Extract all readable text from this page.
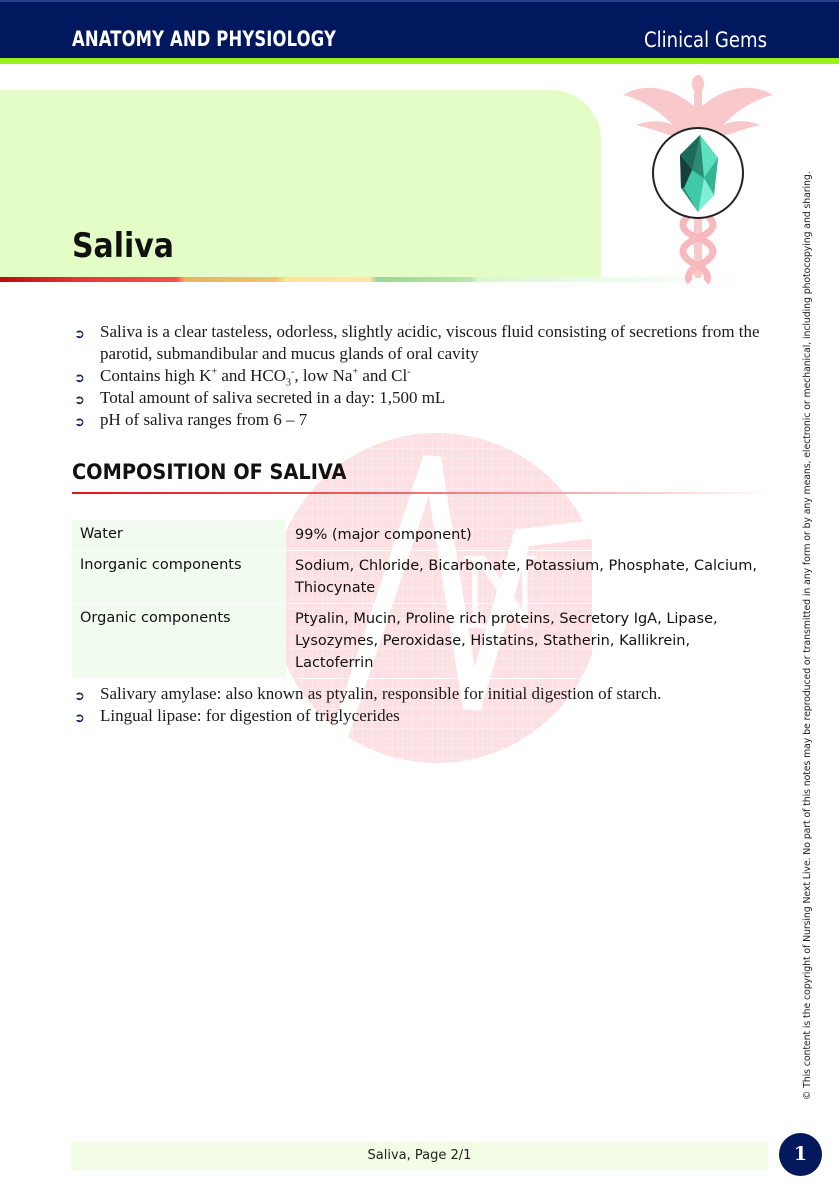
ANATOMY AND PHYSIOLOGY	Clinical Gems
Saliva
N
➲ Saliva is a clear tasteless, odorless, slightly acidic, viscous fluid consisting of secretions from the parotid, submandibular and mucus glands of oral cavity
➲ Contains high K+ and $HCO_3^-$, low Na+ and Cl-
➲ Total amount of saliva secreted in a day: 1,500 mL
➲ pH of saliva ranges from 6 – 7
COMPOSITION OF SALIVA
Water	99% (major component)
Inorganic components	Sodium, Chloride, Bicarbonate, Potassium, Phosphate, Calcium, Thiocynate
Organic components	Ptyalin, Mucin, Proline rich proteins, Secretory IgA, Lipase, Lysozymes, Peroxidase, Histatins, Statherin, Kallikrein, Lactoferrin
➲ Salivary amylase: also known as ptyalin, responsible for initial digestion of starch.
➲ Lingual lipase: for digestion of triglycerides	© This content is the copyright of Nursing Next Live. No part of this notes may be reproduced or transmitted in any form or by any means, electronic or mechanical, including photocopying and sharing.
Saliva, Page 2/1	1
